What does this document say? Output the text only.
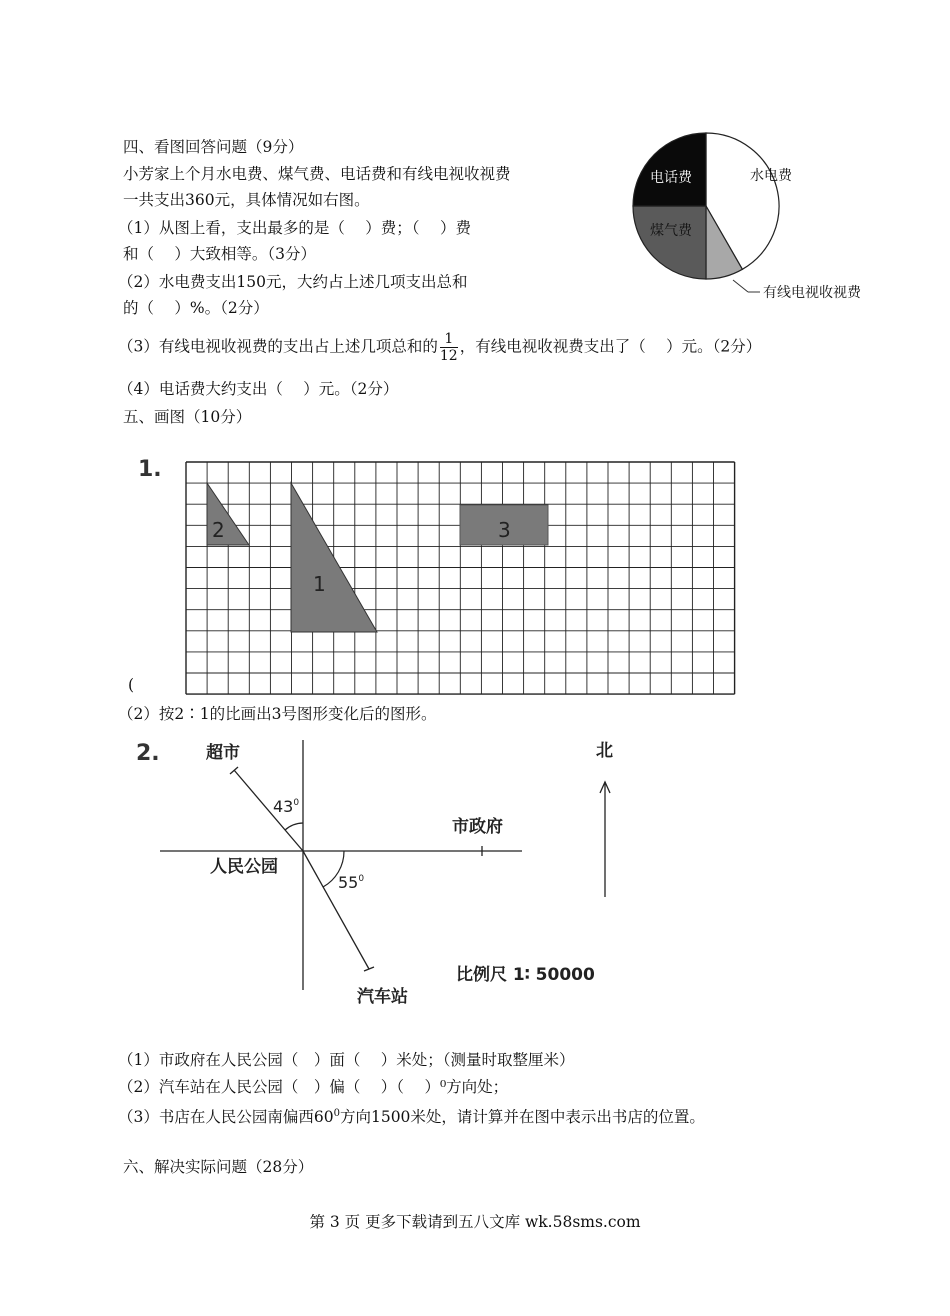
四、看图回答问题（9分）
小芳家上个月水电费、煤气费、电话费和有线电视收视费
一共支出360元，具体情况如右图。
（1）从图上看，支出最多的是（　 ）费；（　 ）费
和（　 ）大致相等。（3分）
（2）水电费支出150元，大约占上述几项支出总和
的（　 ）%。（2分）
（3）有线电视收视费的支出占上述几项总和的 $\frac{1}{12}$ ，有线电视收视费支出了（　 ）元。（2分）
（4）电话费大约支出（　 ）元。（2分）
水电费
电话费
煤气费
有线电视收视费
五、画图（10分）
1.
2
1
3
(
（2）按2∶1的比画出3号图形变化后的图形。
2.
$43^0$
$55^0$
超市
市政府
人民公园
汽车站
比例尺 1∶ 50000
北
（1）市政府在人民公园（　）面（　 ）米处；（测量时取整厘米）
（2）汽车站在人民公园（　）偏（　 ）（　 ）⁰方向处；
（3）书店在人民公园南偏西$60^0$方向1500米处，请计算并在图中表示出书店的位置。
六、解决实际问题（28分）
第 3 页 更多下载请到五八文库 wk.58sms.com
